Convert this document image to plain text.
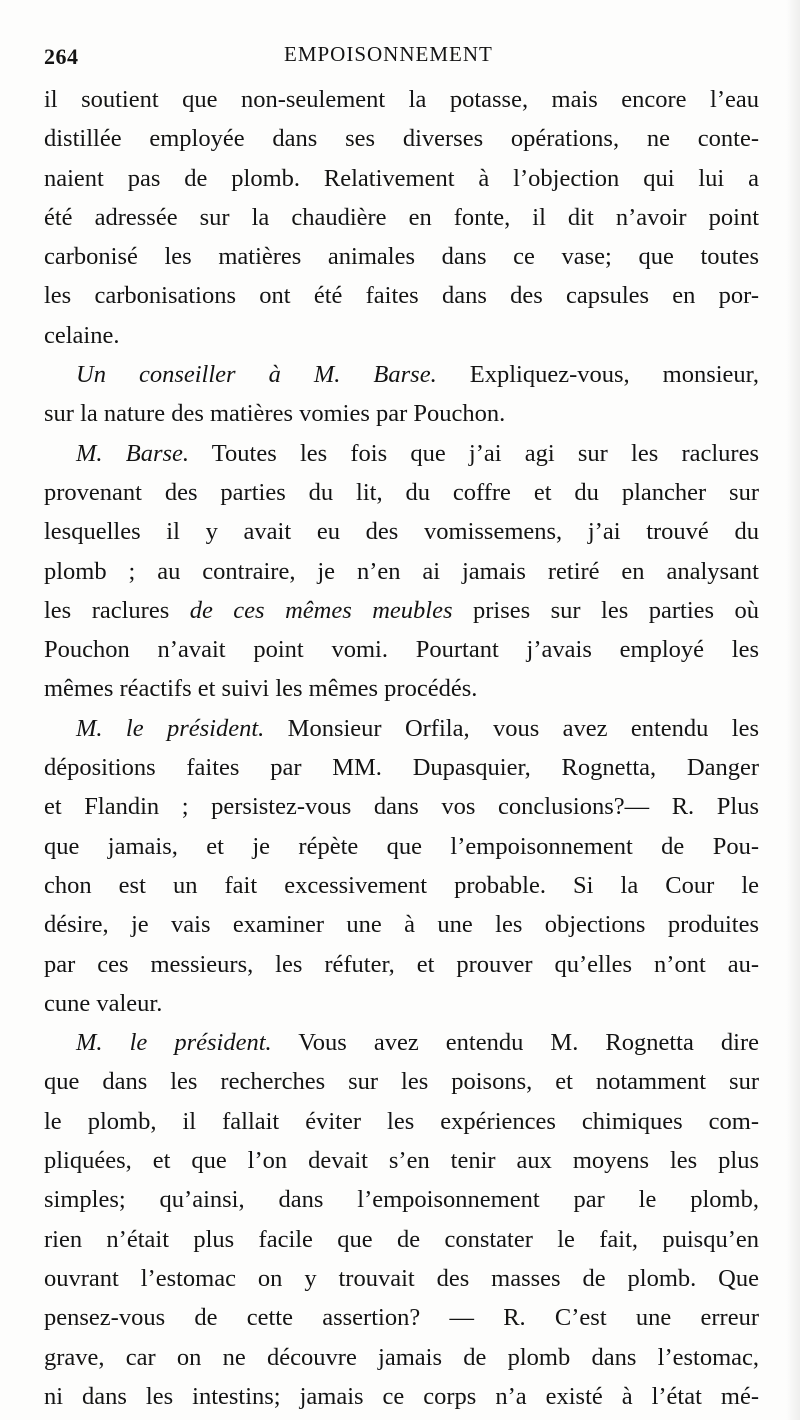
264	EMPOISONNEMENT
il soutient que non-seulement la potasse, mais encore l’eau
distillée employée dans ses diverses opérations, ne conte-
naient pas de plomb. Relativement à l’objection qui lui a
été adressée sur la chaudière en fonte, il dit n’avoir point
carbonisé les matières animales dans ce vase; que toutes
les carbonisations ont été faites dans des capsules en por-
celaine.
Un conseiller à M. Barse. Expliquez-vous, monsieur,
sur la nature des matières vomies par Pouchon.
M. Barse. Toutes les fois que j’ai agi sur les raclures
provenant des parties du lit, du coffre et du plancher sur
lesquelles il y avait eu des vomissemens, j’ai trouvé du
plomb ; au contraire, je n’en ai jamais retiré en analysant
les raclures de ces mêmes meubles prises sur les parties où
Pouchon n’avait point vomi. Pourtant j’avais employé les
mêmes réactifs et suivi les mêmes procédés.
M. le président. Monsieur Orfila, vous avez entendu les
dépositions faites par MM. Dupasquier, Rognetta, Danger
et Flandin ; persistez-vous dans vos conclusions?— R. Plus
que jamais, et je répète que l’empoisonnement de Pou-
chon est un fait excessivement probable. Si la Cour le
désire, je vais examiner une à une les objections produites
par ces messieurs, les réfuter, et prouver qu’elles n’ont au-
cune valeur.
M. le président. Vous avez entendu M. Rognetta dire
que dans les recherches sur les poisons, et notamment sur
le plomb, il fallait éviter les expériences chimiques com-
pliquées, et que l’on devait s’en tenir aux moyens les plus
simples; qu’ainsi, dans l’empoisonnement par le plomb,
rien n’était plus facile que de constater le fait, puisqu’en
ouvrant l’estomac on y trouvait des masses de plomb. Que
pensez-vous de cette assertion? — R. C’est une erreur
grave, car on ne découvre jamais de plomb dans l’estomac,
ni dans les intestins; jamais ce corps n’a existé à l’état mé-
